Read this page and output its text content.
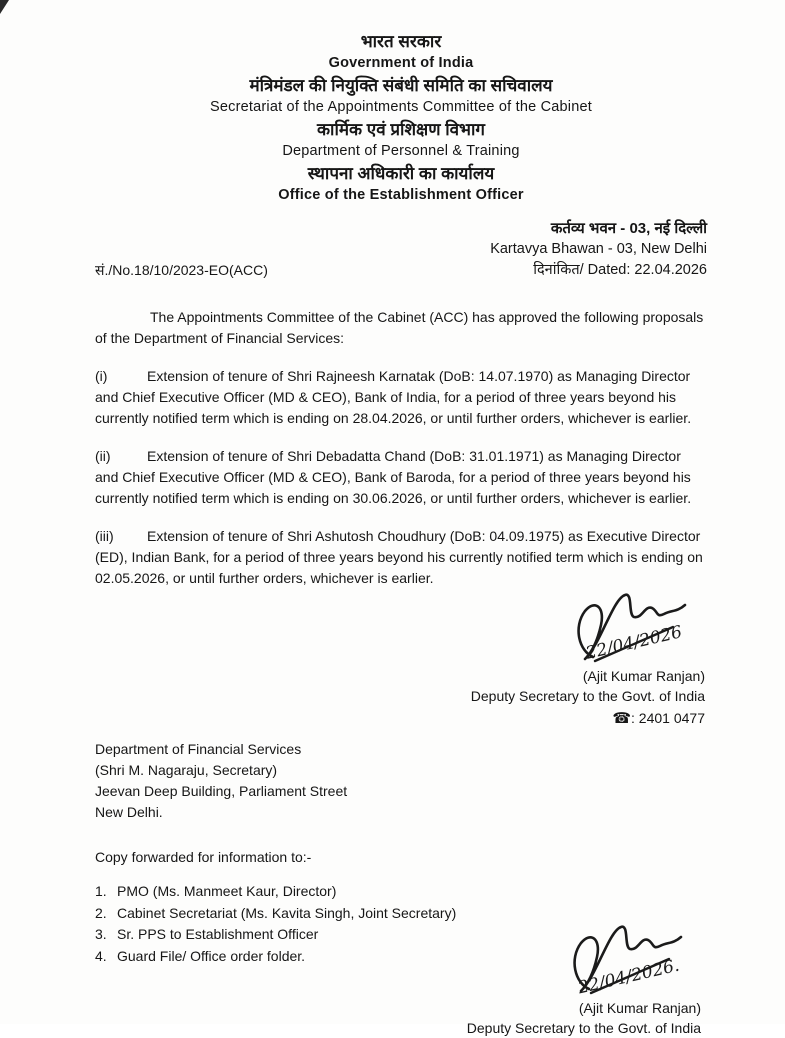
भारत सरकार
Government of India
मंत्रिमंडल की नियुक्ति संबंधी समिति का सचिवालय
Secretariat of the Appointments Committee of the Cabinet
कार्मिक एवं प्रशिक्षण विभाग
Department of Personnel & Training
स्थापना अधिकारी का कार्यालय
Office of the Establishment Officer
सं./No.18/10/2023-EO(ACC)
कर्तव्य भवन - 03, नई दिल्ली
Kartavya Bhawan - 03, New Delhi
दिनांकित/ Dated: 22.04.2026

The Appointments Committee of the Cabinet (ACC) has approved the following proposals of the Department of Financial Services:

(i)	Extension of tenure of Shri Rajneesh Karnatak (DoB: 14.07.1970) as Managing Director and Chief Executive Officer (MD & CEO), Bank of India, for a period of three years beyond his currently notified term which is ending on 28.04.2026, or until further orders, whichever is earlier.

(ii)	Extension of tenure of Shri Debadatta Chand (DoB: 31.01.1971) as Managing Director and Chief Executive Officer (MD & CEO), Bank of Baroda, for a period of three years beyond his currently notified term which is ending on 30.06.2026, or until further orders, whichever is earlier.

(iii) Extension of tenure of Shri Ashutosh Choudhury (DoB: 04.09.1975) as Executive Director (ED), Indian Bank, for a period of three years beyond his currently notified term which is ending on 02.05.2026, or until further orders, whichever is earlier.

22/04/2026
(Ajit Kumar Ranjan)
Deputy Secretary to the Govt. of India
☎: 2401 0477
Department of Financial Services
(Shri M. Nagaraju, Secretary)
Jeevan Deep Building, Parliament Street
New Delhi.

Copy forwarded for information to:-

1. PMO (Ms. Manmeet Kaur, Director)
2. Cabinet Secretariat (Ms. Kavita Singh, Joint Secretary)
3. Sr. PPS to Establishment Officer
4. Guard File/ Office order folder.
22/04/2026.
(Ajit Kumar Ranjan)
Deputy Secretary to the Govt. of India
